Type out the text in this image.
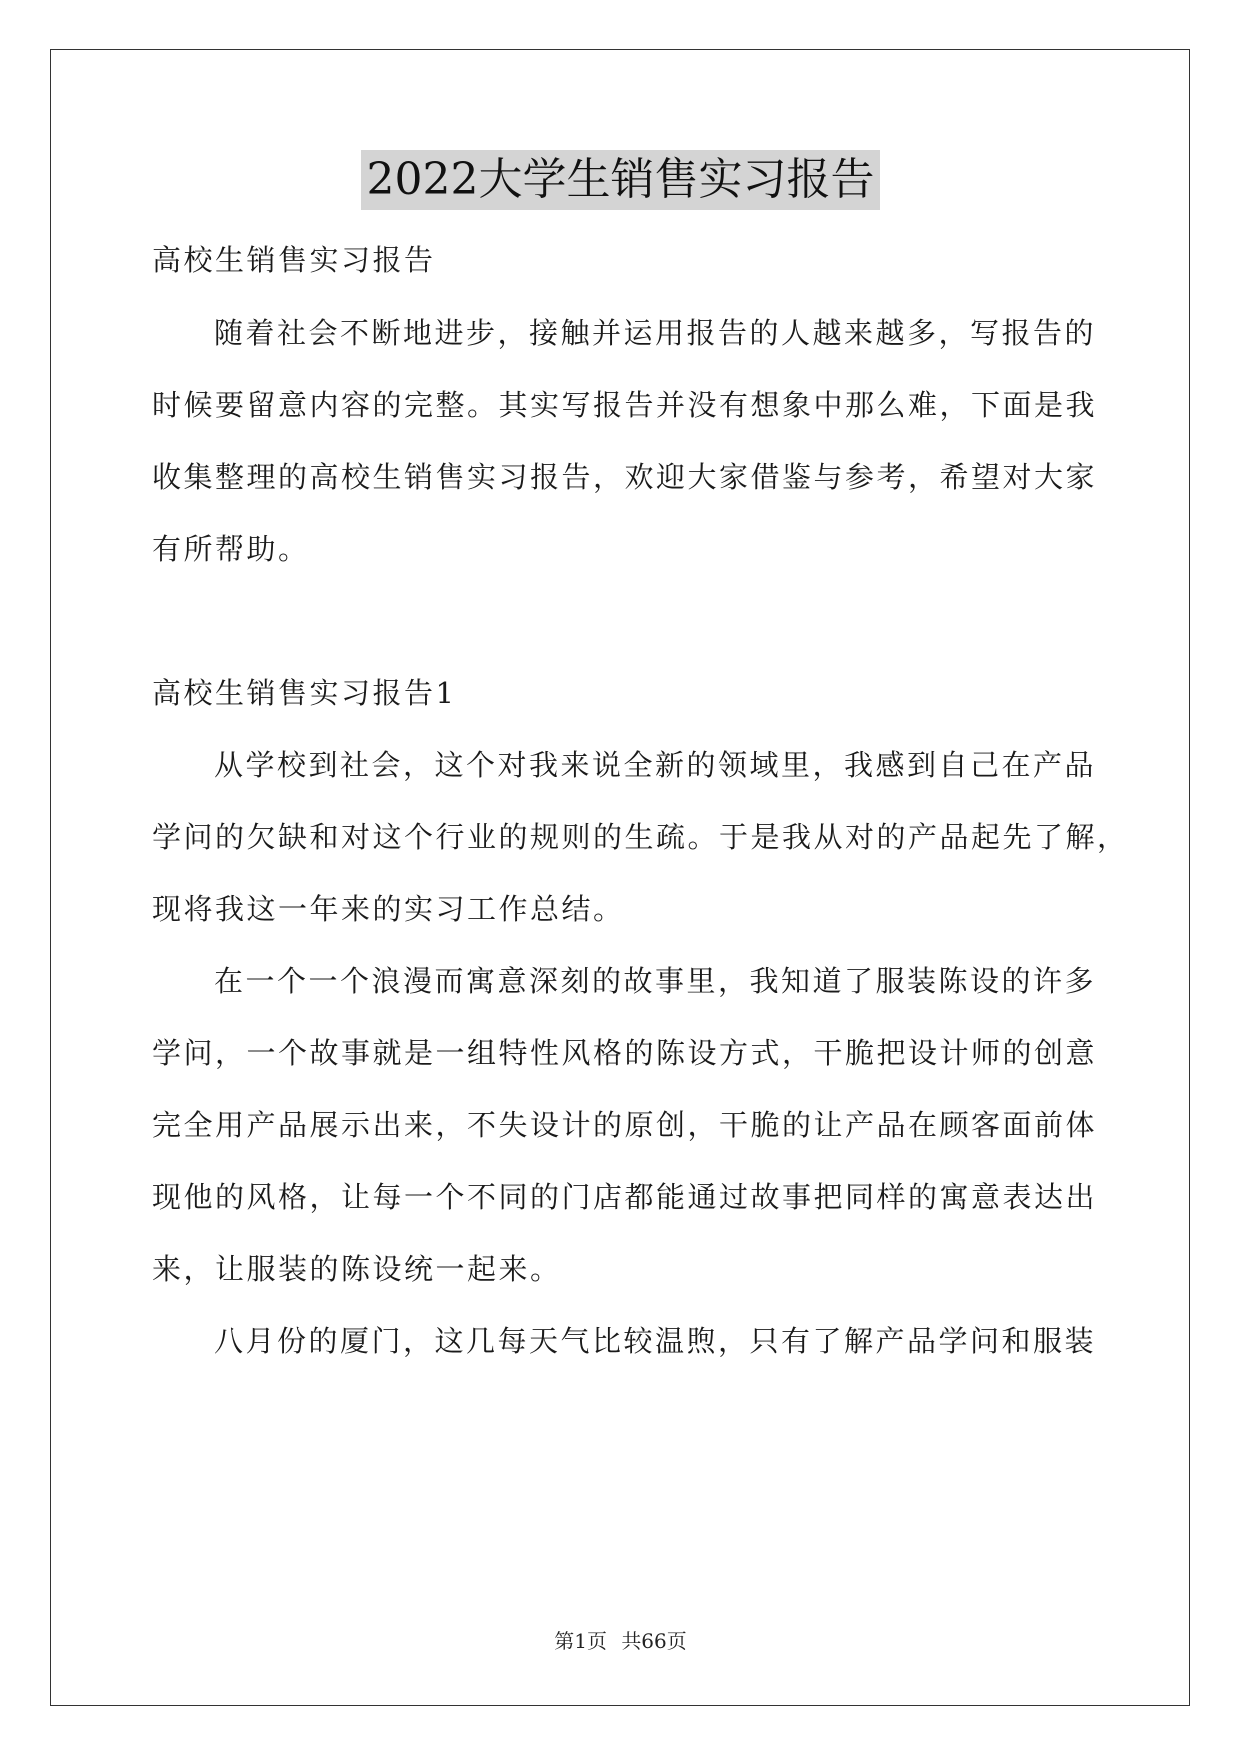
2022大学生销售实习报告
高校生销售实习报告
随着社会不断地进步，接触并运用报告的人越来越多，写报告的
时候要留意内容的完整。其实写报告并没有想象中那么难，下面是我
收集整理的高校生销售实习报告，欢迎大家借鉴与参考，希望对大家
有所帮助。
高校生销售实习报告1
从学校到社会，这个对我来说全新的领域里，我感到自己在产品
学问的欠缺和对这个行业的规则的生疏。于是我从对的产品起先了解，
现将我这一年来的实习工作总结。
在一个一个浪漫而寓意深刻的故事里，我知道了服装陈设的许多
学问，一个故事就是一组特性风格的陈设方式，干脆把设计师的创意
完全用产品展示出来，不失设计的原创，干脆的让产品在顾客面前体
现他的风格，让每一个不同的门店都能通过故事把同样的寓意表达出
来，让服装的陈设统一起来。
八月份的厦门，这几每天气比较温煦，只有了解产品学问和服装
第1页 共66页
